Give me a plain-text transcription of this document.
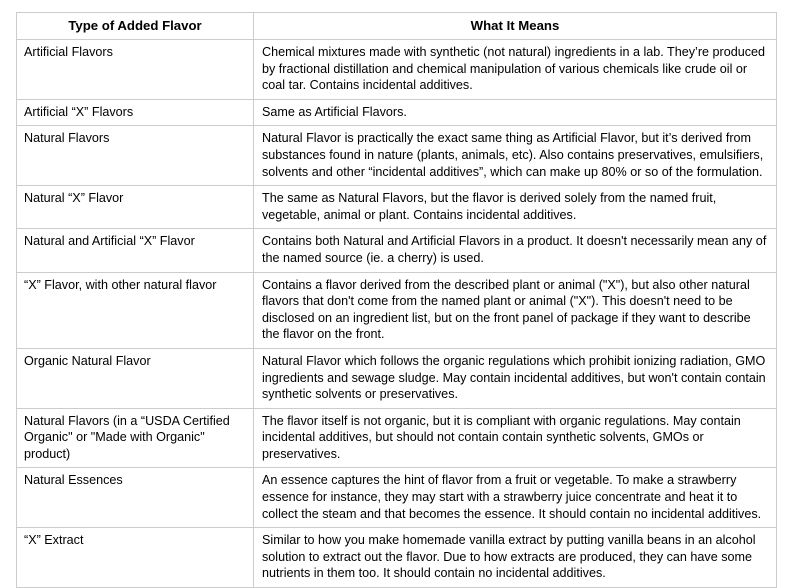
Type of Added Flavor	What It Means

Artificial Flavors	Chemical mixtures made with synthetic (not natural) ingredients in a lab. They’re produced by fractional distillation and chemical manipulation of various chemicals like crude oil or coal tar. Contains incidental additives.

Artificial “X” Flavors	Same as Artificial Flavors.

Natural Flavors	Natural Flavor is practically the exact same thing as Artificial Flavor, but it’s derived from substances found in nature (plants, animals, etc). Also contains preservatives, emulsifiers, solvents and other “incidental additives”, which can make up 80% or so of the formulation.

Natural “X” Flavor	The same as Natural Flavors, but the flavor is derived solely from the named fruit, vegetable, animal or plant. Contains incidental additives.

Natural and Artificial “X” Flavor	Contains both Natural and Artificial Flavors in a product. It doesn't necessarily mean any of the named source (ie. a cherry) is used.

“X” Flavor, with other natural flavor	Contains a flavor derived from the described plant or animal ("X"), but also other natural flavors that don't come from the named plant or animal ("X"). This doesn't need to be disclosed on an ingredient list, but on the front panel of package if they want to describe the flavor on the front.

Organic Natural Flavor	Natural Flavor which follows the organic regulations which prohibit ionizing radiation, GMO ingredients and sewage sludge. May contain incidental additives, but won't contain contain synthetic solvents or preservatives.

Natural Flavors (in a “USDA Certified Organic" or "Made with Organic" product)	The flavor itself is not organic, but it is compliant with organic regulations. May contain incidental additives, but should not contain contain synthetic solvents, GMOs or preservatives.

Natural Essences	An essence captures the hint of flavor from a fruit or vegetable. To make a strawberry essence for instance, they may start with a strawberry juice concentrate and heat it to collect the steam and that becomes the essence. It should contain no incidental additives.

“X” Extract	Similar to how you make homemade vanilla extract by putting vanilla beans in an alcohol solution to extract out the flavor. Due to how extracts are produced, they can have some nutrients in them too. It should contain no incidental additives.
